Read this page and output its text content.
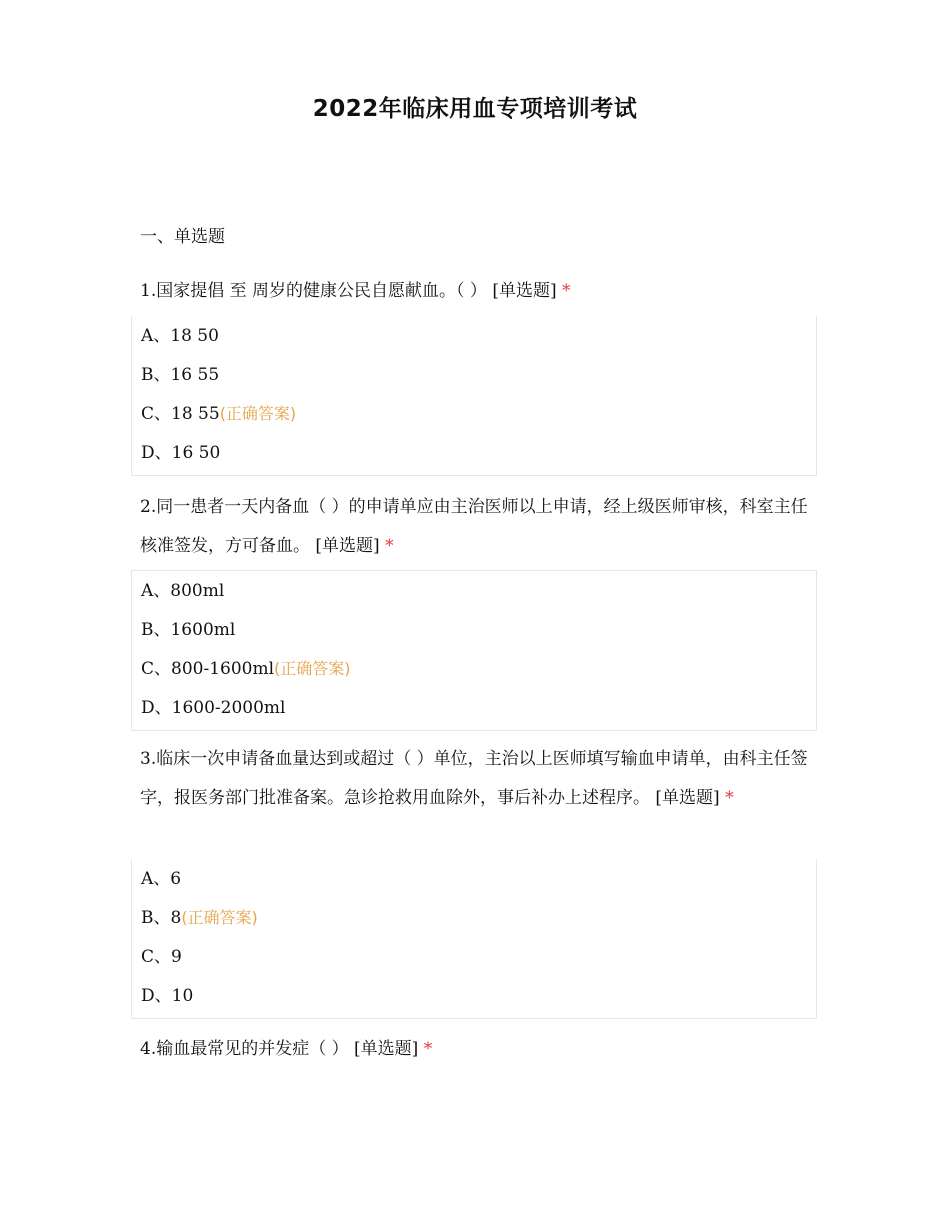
2022年临床用血专项培训考试

一、单选题

1.国家提倡 至 周岁的健康公民自愿献血。（ ） [单选题] *

A、18 50
B、16 55
C、18 55(正确答案)
D、16 50

2.同一患者一天内备血（ ）的申请单应由主治医师以上申请，经上级医师审核，科室主任核准签发，方可备血。 [单选题] *

A、800ml
B、1600ml
C、800-1600ml(正确答案)
D、1600-2000ml

3.临床一次申请备血量达到或超过（ ）单位，主治以上医师填写输血申请单，由科主任签字，报医务部门批准备案。急诊抢救用血除外，事后补办上述程序。 [单选题] *

A、6
B、8(正确答案)
C、9
D、10

4.输血最常见的并发症（ ） [单选题] *
